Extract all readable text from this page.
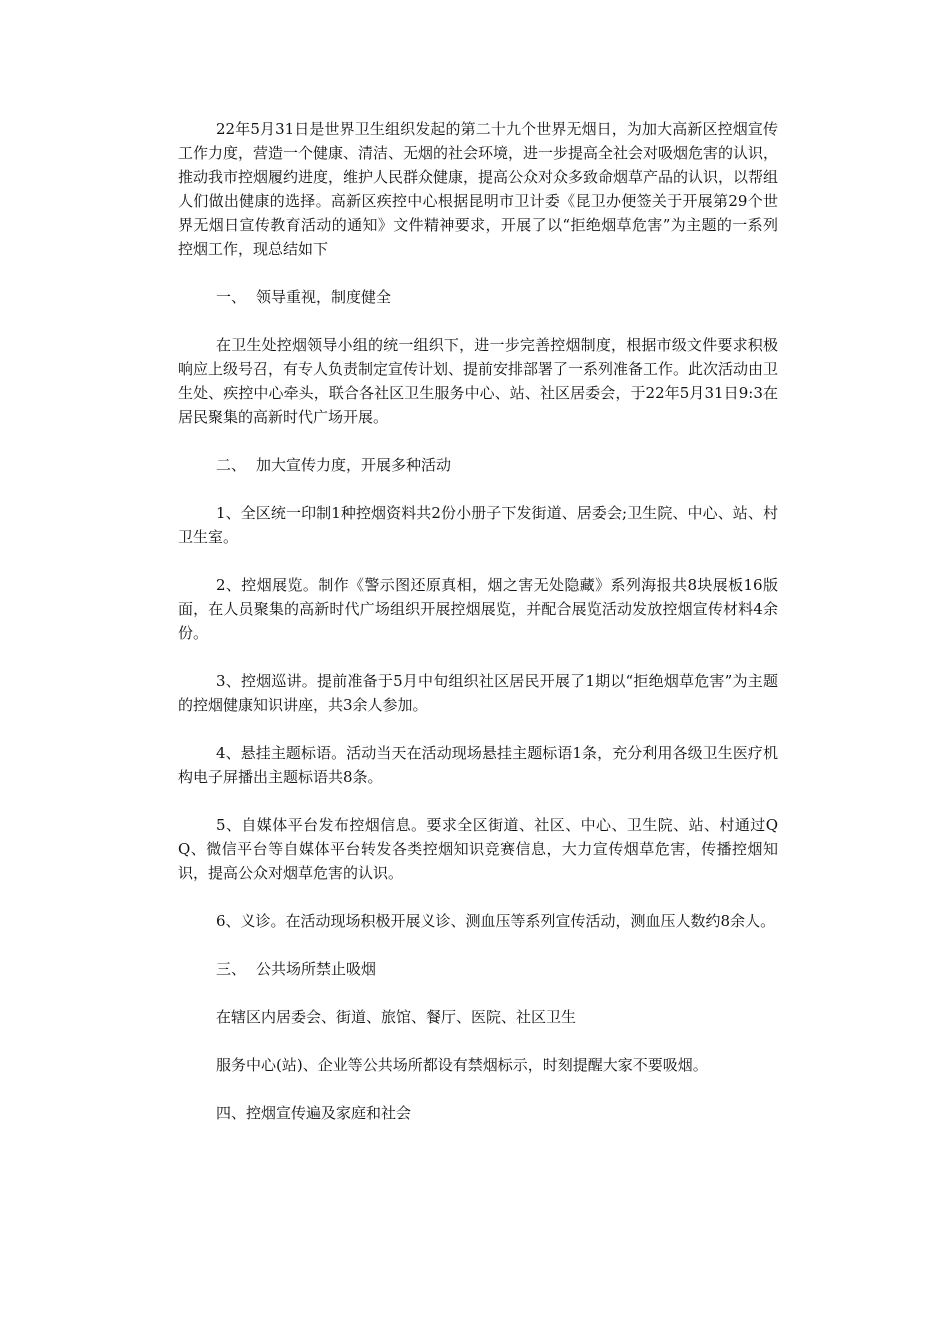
22年5月31日是世界卫生组织发起的第二十九个世界无烟日，为加大高新区控烟宣传工作力度，营造一个健康、清洁、无烟的社会环境，进一步提高全社会对吸烟危害的认识，推动我市控烟履约进度，维护人民群众健康，提高公众对众多致命烟草产品的认识，以帮组人们做出健康的选择。高新区疾控中心根据昆明市卫计委《昆卫办便签关于开展第29个世界无烟日宣传教育活动的通知》文件精神要求，开展了以“拒绝烟草危害”为主题的一系列控烟工作，现总结如下

一、 领导重视，制度健全

在卫生处控烟领导小组的统一组织下，进一步完善控烟制度，根据市级文件要求积极响应上级号召，有专人负责制定宣传计划、提前安排部署了一系列准备工作。此次活动由卫生处、疾控中心牵头，联合各社区卫生服务中心、站、社区居委会，于22年5月31日9:3在居民聚集的高新时代广场开展。

二、 加大宣传力度，开展多种活动

1、全区统一印制1种控烟资料共2份小册子下发街道、居委会;卫生院、中心、站、村卫生室。

2、控烟展览。制作《警示图还原真相，烟之害无处隐藏》系列海报共8块展板16版面，在人员聚集的高新时代广场组织开展控烟展览，并配合展览活动发放控烟宣传材料4余份。

3、控烟巡讲。提前准备于5月中旬组织社区居民开展了1期以“拒绝烟草危害”为主题的控烟健康知识讲座，共3余人参加。

4、悬挂主题标语。活动当天在活动现场悬挂主题标语1条，充分利用各级卫生医疗机构电子屏播出主题标语共8条。

5、自媒体平台发布控烟信息。要求全区街道、社区、中心、卫生院、站、村通过QQ、微信平台等自媒体平台转发各类控烟知识竞赛信息，大力宣传烟草危害，传播控烟知识，提高公众对烟草危害的认识。

6、义诊。在活动现场积极开展义诊、测血压等系列宣传活动，测血压人数约8余人。

三、 公共场所禁止吸烟

在辖区内居委会、街道、旅馆、餐厅、医院、社区卫生

服务中心(站)、企业等公共场所都设有禁烟标示，时刻提醒大家不要吸烟。

四、控烟宣传遍及家庭和社会
